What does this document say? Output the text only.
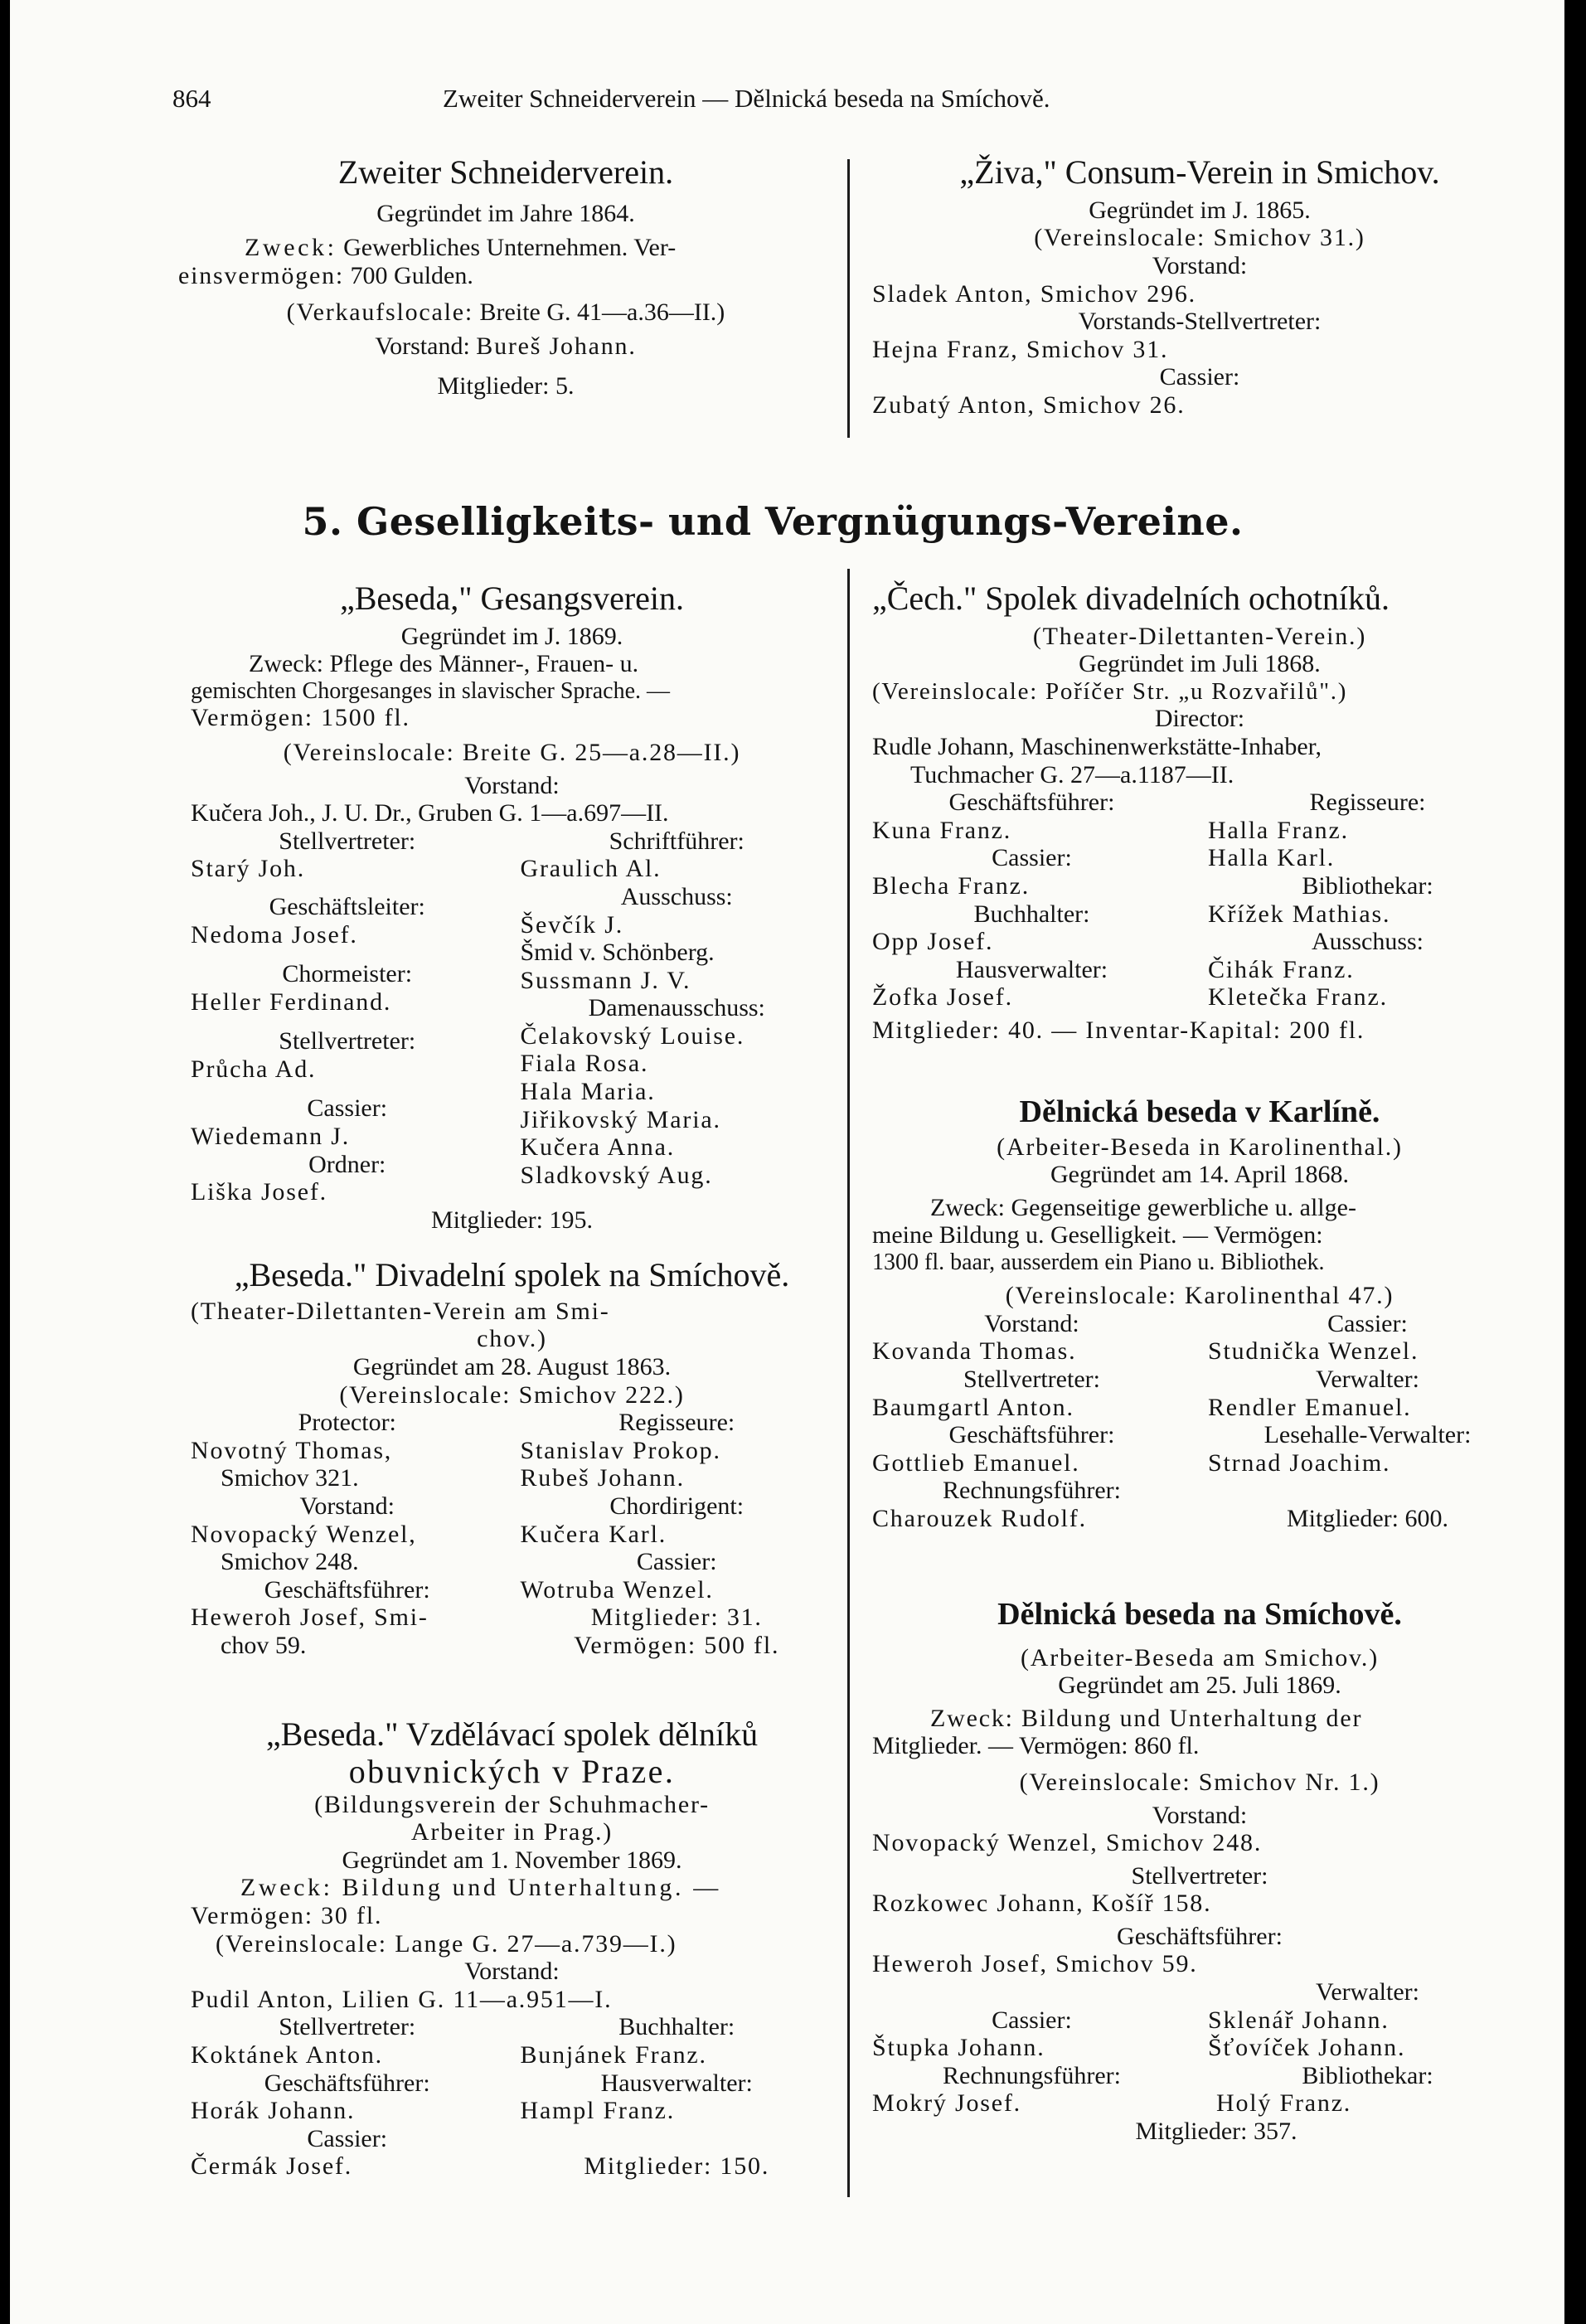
864	Zweiter Schneiderverein — Dělnická beseda na Smíchově.
Zweiter Schneiderverein.
Gegründet im Jahre 1864.
Zweck: Gewerbliches Unternehmen. Ver-
einsvermögen: 700 Gulden.
(Verkaufslocale: Breite G. 41—a.36—II.)
Vorstand: Bureš Johann.
Mitglieder: 5.
„Živa," Consum-Verein in Smichov.
Gegründet im J. 1865.
(Vereinslocale: Smichov 31.)
Vorstand:
Sladek Anton, Smichov 296.
Vorstands-Stellvertreter:
Hejna Franz, Smichov 31.
Cassier:
Zubatý Anton, Smichov 26.
5. Geselligkeits- und Vergnügungs-Vereine.
„Beseda," Gesangsverein.
Gegründet im J. 1869.
Zweck: Pflege des Männer-, Frauen- u.
gemischten Chorgesanges in slavischer Sprache. —
Vermögen: 1500 fl.
(Vereinslocale: Breite G. 25—a.28—II.)
Vorstand:
Kučera Joh., J. U. Dr., Gruben G. 1—a.697—II.
Stellvertreter:
Starý Joh.
Geschäftsleiter:
Nedoma Josef.
Chormeister:
Heller Ferdinand.
Stellvertreter:
Průcha Ad.
Cassier:
Wiedemann J.
Ordner:
Liška Josef.
Schriftführer:
Graulich Al.
Ausschuss:
Ševčík J.
Šmid v. Schönberg.
Sussmann J. V.
Damenausschuss:
Čelakovský Louise.
Fiala Rosa.
Hala Maria.
Jiřikovský Maria.
Kučera Anna.
Sladkovský Aug.
Mitglieder: 195.
„Beseda." Divadelní spolek na Smíchově.
(Theater-Dilettanten-Verein am Smi-
chov.)
Gegründet am 28. August 1863.
(Vereinslocale: Smichov 222.)
Protector:
Novotný Thomas,
Smichov 321.
Vorstand:
Novopacký Wenzel,
Smichov 248.
Geschäftsführer:
Heweroh Josef, Smi-
chov 59.
Regisseure:
Stanislav Prokop.
Rubeš Johann.
Chordirigent:
Kučera Karl.
Cassier:
Wotruba Wenzel.
Mitglieder: 31.
Vermögen: 500 fl.
„Beseda." Vzdělávací spolek dělníků
obuvnických v Praze.
(Bildungsverein der Schuhmacher-
Arbeiter in Prag.)
Gegründet am 1. November 1869.
Zweck: Bildung und Unterhaltung. —
Vermögen: 30 fl.
(Vereinslocale: Lange G. 27—a.739—I.)
Vorstand:
Pudil Anton, Lilien G. 11—a.951—I.
Stellvertreter:
Koktánek Anton.
Geschäftsführer:
Horák Johann.
Cassier:
Čermák Josef.
Buchhalter:
Bunjánek Franz.
Hausverwalter:
Hampl Franz.

Mitglieder: 150.
„Čech." Spolek divadelních ochotníků.
(Theater-Dilettanten-Verein.)
Gegründet im Juli 1868.
(Vereinslocale: Poříčer Str. „u Rozvařilů".)
Director:
Rudle Johann, Maschinenwerkstätte-Inhaber,
Tuchmacher G. 27—a.1187—II.
Geschäftsführer:
Kuna Franz.
Cassier:
Blecha Franz.
Buchhalter:
Opp Josef.
Hausverwalter:
Žofka Josef.
Regisseure:
Halla Franz.
Halla Karl.
Bibliothekar:
Křížek Mathias.
Ausschuss:
Čihák Franz.
Kletečka Franz.
Mitglieder: 40. — Inventar-Kapital: 200 fl.
Dělnická beseda v Karlíně.
(Arbeiter-Beseda in Karolinenthal.)
Gegründet am 14. April 1868.
Zweck: Gegenseitige gewerbliche u. allge-
meine Bildung u. Geselligkeit. — Vermögen:
1300 fl. baar, ausserdem ein Piano u. Bibliothek.
(Vereinslocale: Karolinenthal 47.)
Vorstand:
Kovanda Thomas.
Stellvertreter:
Baumgartl Anton.
Geschäftsführer:
Gottlieb Emanuel.
Rechnungsführer:
Charouzek Rudolf.
Cassier:
Studnička Wenzel.
Verwalter:
Rendler Emanuel.
Lesehalle-Verwalter:
Strnad Joachim.

Mitglieder: 600.
Dělnická beseda na Smíchově.
(Arbeiter-Beseda am Smichov.)
Gegründet am 25. Juli 1869.
Zweck: Bildung und Unterhaltung der
Mitglieder. — Vermögen: 860 fl.
(Vereinslocale: Smichov Nr. 1.)
Vorstand:
Novopacký Wenzel, Smichov 248.
Stellvertreter:
Rozkowec Johann, Košíř 158.
Geschäftsführer:
Heweroh Josef, Smichov 59.

Cassier:
Štupka Johann.
Rechnungsführer:
Mokrý Josef.
Verwalter:
Sklenář Johann.
Šťovíček Johann.
Bibliothekar:
Holý Franz.
Mitglieder: 357.
